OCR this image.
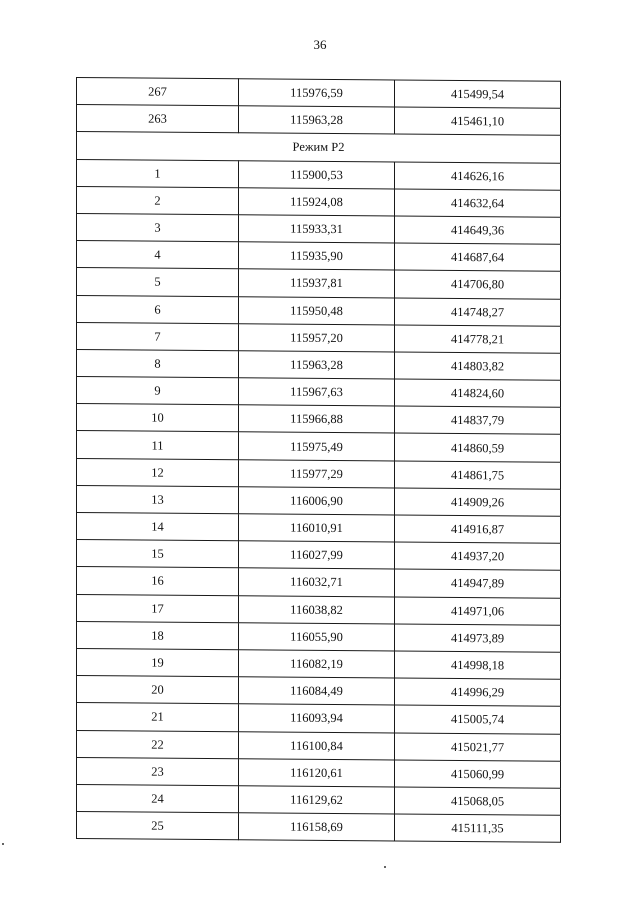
36
267	115976,59	415499,54
263	115963,28	415461,10
Режим Р2		
1	115900,53	414626,16
2	115924,08	414632,64
3	115933,31	414649,36
4	115935,90	414687,64
5	115937,81	414706,80
6	115950,48	414748,27
7	115957,20	414778,21
8	115963,28	414803,82
9	115967,63	414824,60
10	115966,88	414837,79
11	115975,49	414860,59
12	115977,29	414861,75
13	116006,90	414909,26
14	116010,91	414916,87
15	116027,99	414937,20
16	116032,71	414947,89
17	116038,82	414971,06
18	116055,90	414973,89
19	116082,19	414998,18
20	116084,49	414996,29
21	116093,94	415005,74
22	116100,84	415021,77
23	116120,61	415060,99
24	116129,62	415068,05
25	116158,69	415111,35
